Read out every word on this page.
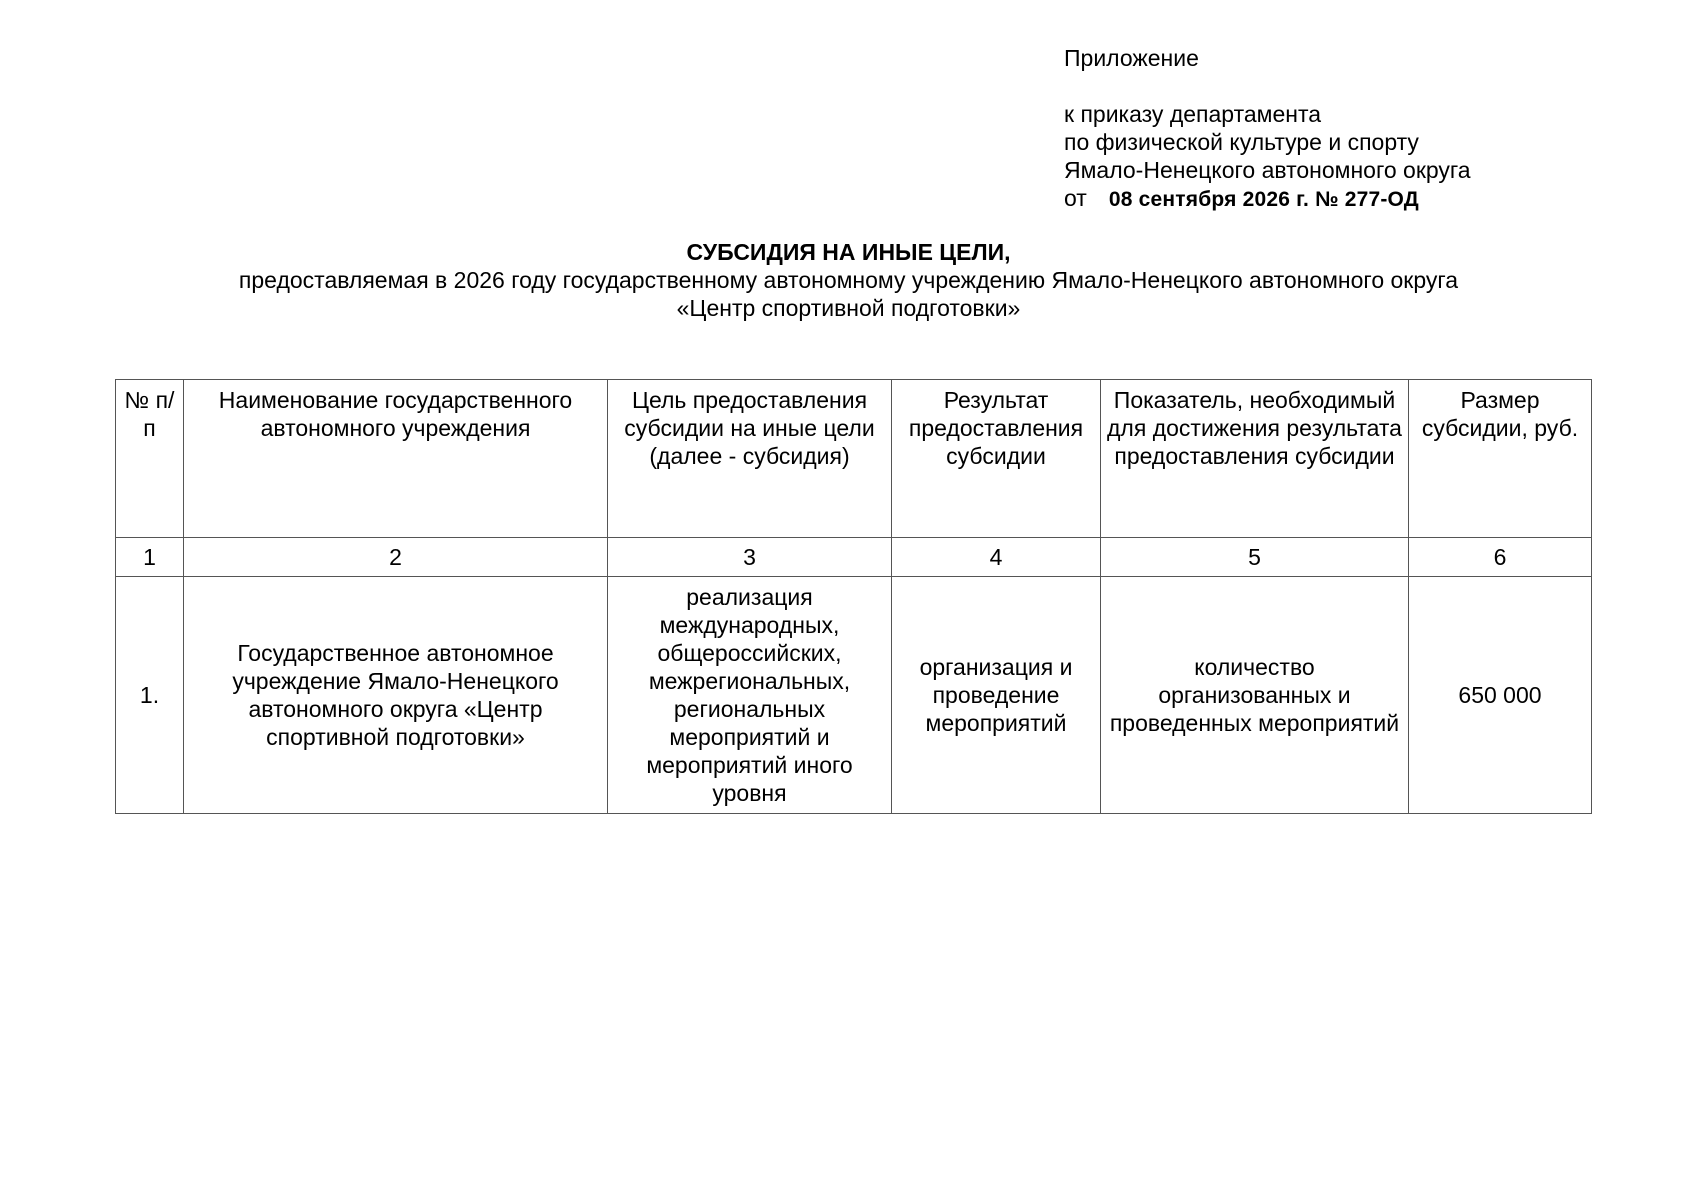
Приложение
к приказу департамента
по физической культуре и спорту
Ямало-Ненецкого автономного округа
от 08 сентября 2026 г. № 277-ОД
СУБСИДИЯ НА ИНЫЕ ЦЕЛИ,
предоставляемая в 2026 году государственному автономному учреждению Ямало-Ненецкого автономного округа
«Центр спортивной подготовки»
№ п/п	Наименование государственного автономного учреждения	Цель предоставления субсидии на иные цели (далее - субсидия)	Результат предоставления субсидии	Показатель, необходимый для достижения результата предоставления субсидии	Размер субсидии, руб.
1	2	3	4	5	6
1.	Государственное автономное учреждение Ямало-Ненецкого автономного округа «Центр спортивной подготовки»	реализация международных, общероссийских, межрегиональных, региональных мероприятий и мероприятий иного уровня	организация и проведение мероприятий	количество организованных и проведенных мероприятий	650 000
